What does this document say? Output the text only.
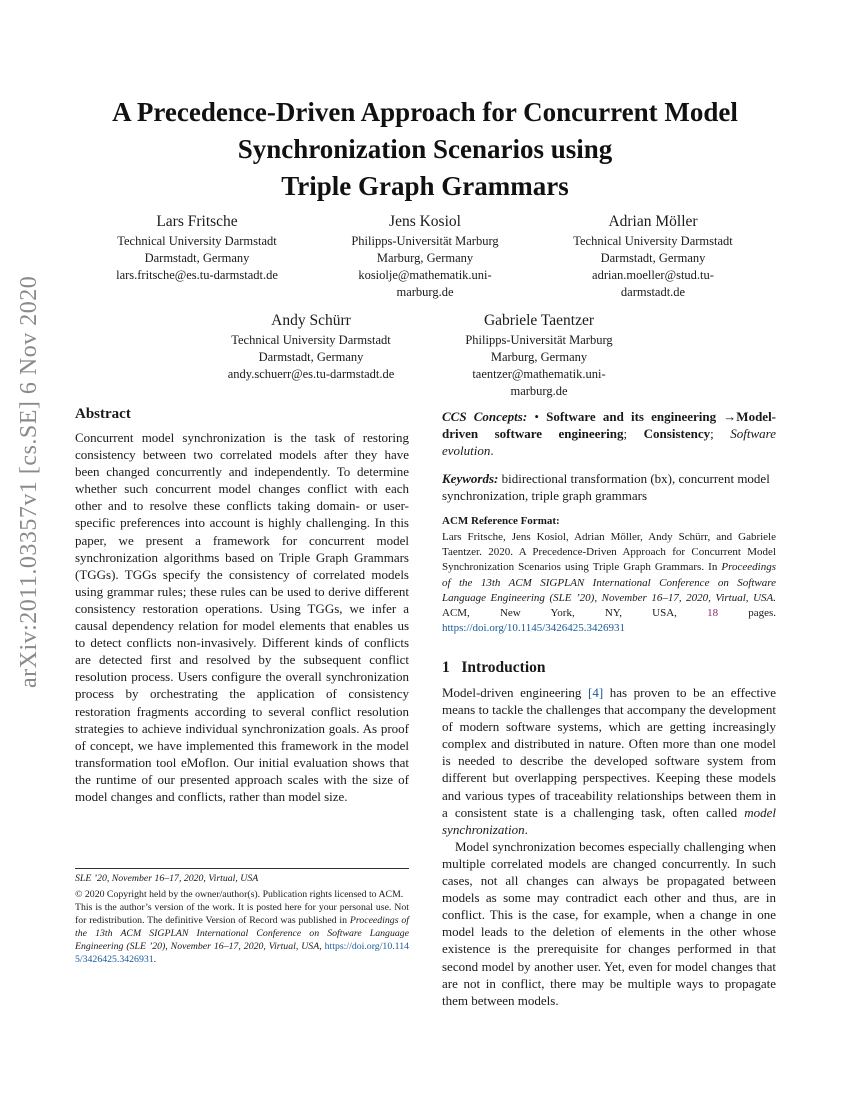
arXiv:2011.03357v1 [cs.SE] 6 Nov 2020
A Precedence-Driven Approach for Concurrent Model
Synchronization Scenarios using
Triple Graph Grammars
Lars Fritsche
Technical University Darmstadt
Darmstadt, Germany
lars.fritsche@es.tu-darmstadt.de
Jens Kosiol
Philipps-Universität Marburg
Marburg, Germany
kosiolje@mathematik.uni-
marburg.de
Adrian Möller
Technical University Darmstadt
Darmstadt, Germany
adrian.moeller@stud.tu-
darmstadt.de
Andy Schürr
Technical University Darmstadt
Darmstadt, Germany
andy.schuerr@es.tu-darmstadt.de
Gabriele Taentzer
Philipps-Universität Marburg
Marburg, Germany
taentzer@mathematik.uni-
marburg.de
Abstract
Concurrent model synchronization is the task of restoring consistency between two correlated models after they have been changed concurrently and independently. To determine whether such concurrent model changes conflict with each other and to resolve these conflicts taking domain- or user-specific preferences into account is highly challenging. In this paper, we present a framework for concurrent model synchronization algorithms based on Triple Graph Grammars (TGGs). TGGs specify the consistency of correlated models using grammar rules; these rules can be used to derive different consistency restoration operations. Using TGGs, we infer a causal dependency relation for model elements that enables us to detect conflicts non-invasively. Different kinds of conflicts are detected first and resolved by the subsequent conflict resolution process. Users configure the overall synchronization process by orchestrating the application of consistency restoration fragments according to several conflict resolution strategies to achieve individual synchronization goals. As proof of concept, we have implemented this framework in the model transformation tool eMoflon. Our initial evaluation shows that the runtime of our presented approach scales with the size of model changes and conflicts, rather than model size.
SLE ’20, November 16–17, 2020, Virtual, USA
© 2020 Copyright held by the owner/author(s). Publication rights licensed to ACM.
This is the author’s version of the work. It is posted here for your personal use. Not for redistribution. The definitive Version of Record was published in Proceedings of the 13th ACM SIGPLAN International Conference on Software Language Engineering (SLE ’20), November 16–17, 2020, Virtual, USA, https://doi.org/10.1145/3426425.3426931.
CCS Concepts: • Software and its engineering →Model-driven software engineering; Consistency; Software evolution.
Keywords: bidirectional transformation (bx), concurrent model synchronization, triple graph grammars
ACM Reference Format:
Lars Fritsche, Jens Kosiol, Adrian Möller, Andy Schürr, and Gabriele Taentzer. 2020. A Precedence-Driven Approach for Concurrent Model Synchronization Scenarios using Triple Graph Grammars. In Proceedings of the 13th ACM SIGPLAN International Conference on Software Language Engineering (SLE ’20), November 16–17, 2020, Virtual, USA. ACM, New York, NY, USA, 18 pages. https://doi.org/10.1145/3426425.3426931
1 Introduction

Model-driven engineering [4] has proven to be an effective means to tackle the challenges that accompany the development of modern software systems, which are getting increasingly complex and distributed in nature. Often more than one model is needed to describe the developed software system from different but overlapping perspectives. Keeping these models and various types of traceability relationships between them in a consistent state is a challenging task, often called model synchronization.

Model synchronization becomes especially challenging when multiple correlated models are changed concurrently. In such cases, not all changes can always be propagated between models as some may contradict each other and thus, are in conflict. This is the case, for example, when a change in one model leads to the deletion of elements in the other whose existence is the prerequisite for changes performed in that second model by another user. Yet, even for model changes that are not in conflict, there may be multiple ways to propagate them between models.
